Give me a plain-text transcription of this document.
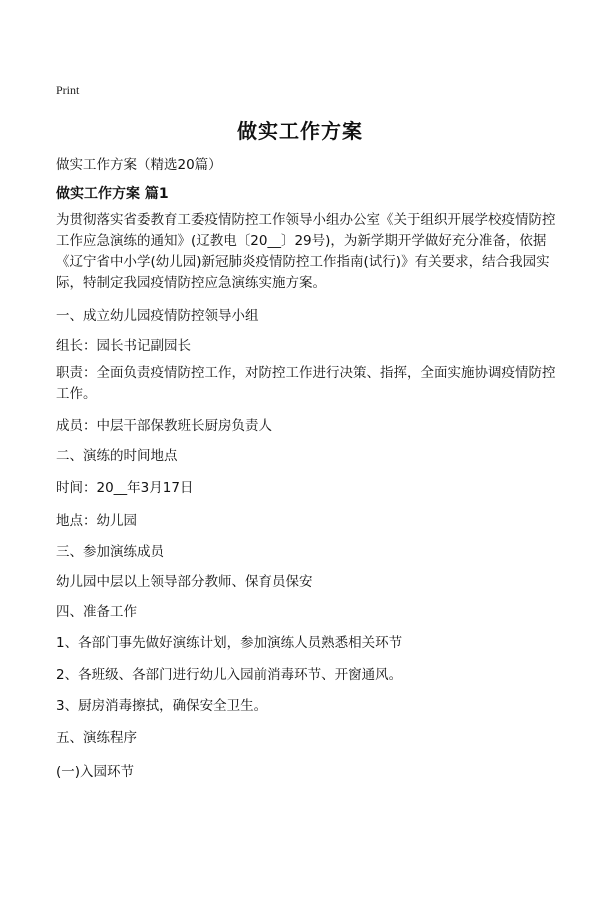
Print
做实工作方案
做实工作方案（精选20篇）
做实工作方案 篇1
为贯彻落实省委教育工委疫情防控工作领导小组办公室《关于组织开展学校疫情防控工作应急演练的通知》(辽教电〔20__〕29号)，为新学期开学做好充分准备，依据《辽宁省中小学(幼儿园)新冠肺炎疫情防控工作指南(试行)》有关要求，结合我园实际，特制定我园疫情防控应急演练实施方案。
一、成立幼儿园疫情防控领导小组
组长：园长书记副园长
职责：全面负责疫情防控工作，对防控工作进行决策、指挥，全面实施协调疫情防控工作。
成员：中层干部保教班长厨房负责人
二、演练的时间地点
时间：20__年3月17日
地点：幼儿园
三、参加演练成员
幼儿园中层以上领导部分教师、保育员保安
四、准备工作
1、各部门事先做好演练计划，参加演练人员熟悉相关环节
2、各班级、各部门进行幼儿入园前消毒环节、开窗通风。
3、厨房消毒擦拭，确保安全卫生。
五、演练程序
(一)入园环节
